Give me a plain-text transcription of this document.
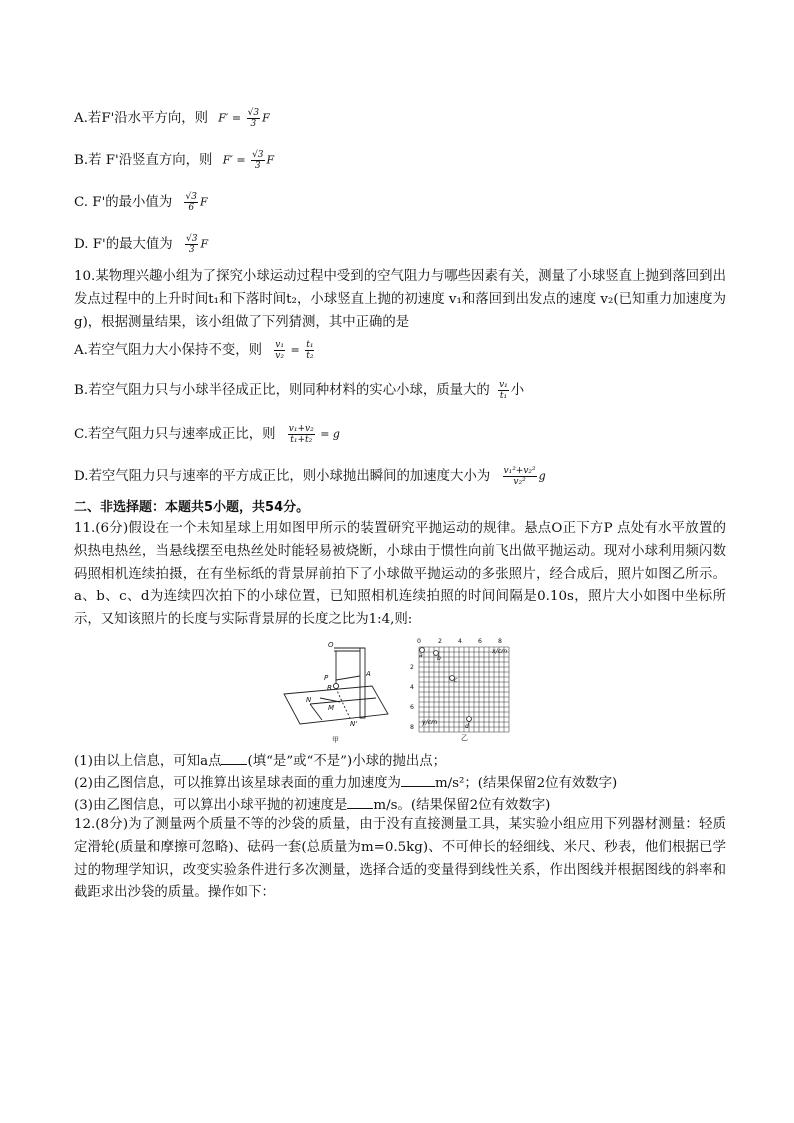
A.若F'沿水平方向，则 $F' = \frac{√3}{3}$ F
B.若 F'沿竖直方向，则 $F' = \frac{√3}{3}$ F
C. F'的最小值为 $\frac{√3}{6}$ F
D. F'的最大值为 $\frac{√3}{3}$ F
10.某物理兴趣小组为了探究小球运动过程中受到的空气阻力与哪些因素有关，测量了小球竖直上抛到落回到出发点过程中的上升时间t₁和下落时间t₂，小球竖直上抛的初速度 v₁和落回到出发点的速度 v₂(已知重力加速度为g)，根据测量结果，该小组做了下列猜测，其中正确的是
A.若空气阻力大小保持不变，则 $\frac{\text{v₁}}{\text{v₂}} = \frac{\text{t₁}}{\text{t₂}}$
B.若空气阻力只与小球半径成正比，则同种材料的实心小球，质量大的 $\frac{\text{v₁}}{\text{t₁}}$ 小
C.若空气阻力只与速率成正比，则 $\frac{\text{v₁+v₂}}{\text{t₁+t₂}} = g$
D.若空气阻力只与速率的平方成正比，则小球抛出瞬间的加速度大小为 $\frac{\text{v₁²+v₂²}}{\text{v₂²}}$ g
二、非选择题：本题共5小题，共54分。
11.(6分)假设在一个未知星球上用如图甲所示的装置研究平抛运动的规律。悬点O正下方P 点处有水平放置的炽热电热丝，当悬线摆至电热丝处时能轻易被烧断，小球由于惯性向前飞出做平抛运动。现对小球利用频闪数码照相机连续拍摄，在有坐标纸的背景屏前拍下了小球做平抛运动的多张照片，经合成后，照片如图乙所示。a、b、c、d为连续四次拍下的小球位置，已知照相机连续拍照的时间间隔是0.10s，照片大小如图中坐标所示，又知该照片的长度与实际背景屏的长度之比为1:4,则:
O
P	A
B
M
N
N'
甲
0	2	4	6	8
x/cm
2
4
6
8
y/cm
a b
c
d
乙
(1)由以上信息，可知a点 (填“是”或“不是”)小球的抛出点；
(2)由乙图信息，可以推算出该星球表面的重力加速度为	m/s²；(结果保留2位有效数字)
(3)由乙图信息，可以算出小球平抛的初速度是 m/s。(结果保留2位有效数字)
12.(8分)为了测量两个质量不等的沙袋的质量，由于没有直接测量工具，某实验小组应用下列器材测量：轻质定滑轮(质量和摩擦可忽略)、砝码一套(总质量为m=0.5kg)、不可伸长的轻细线、米尺、秒表，他们根据已学过的物理学知识，改变实验条件进行多次测量，选择合适的变量得到线性关系，作出图线并根据图线的斜率和截距求出沙袋的质量。操作如下：
